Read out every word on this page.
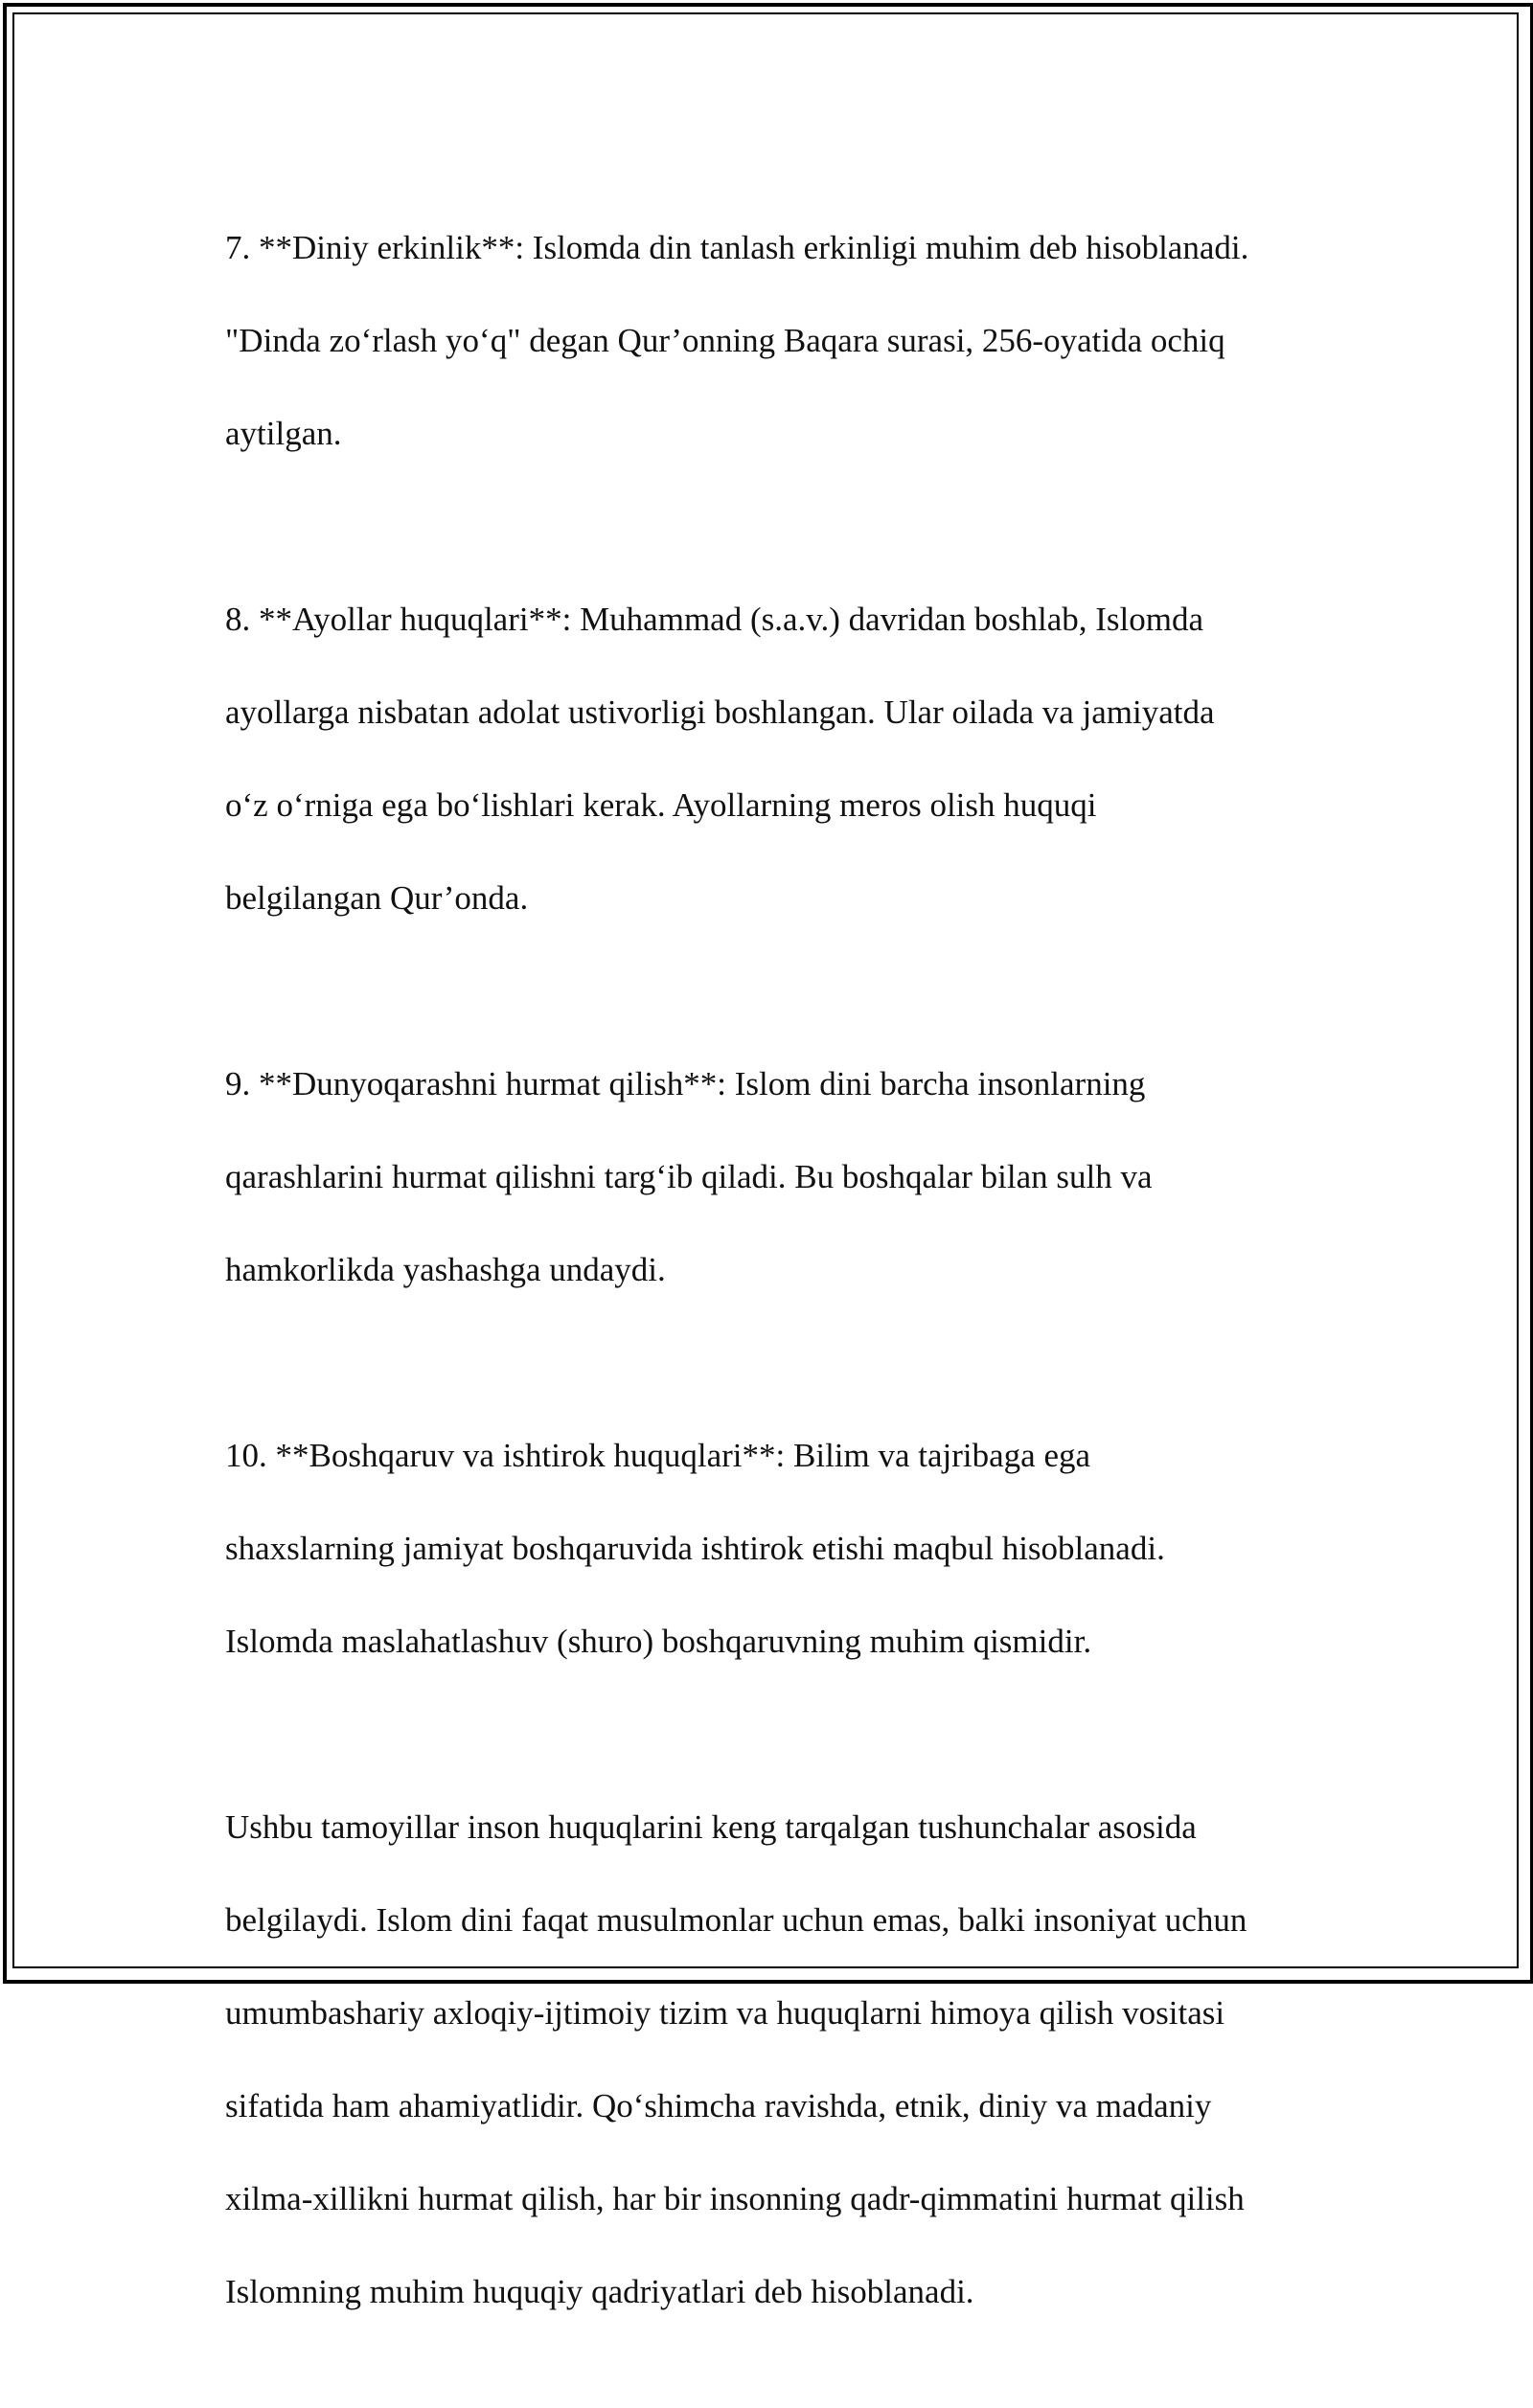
7. **Diniy erkinlik**: Islomda din tanlash erkinligi muhim deb hisoblanadi.

"Dinda zo‘rlash yo‘q" degan Qur’onning Baqara surasi, 256-oyatida ochiq

aytilgan.

8. **Ayollar huquqlari**: Muhammad (s.a.v.) davridan boshlab, Islomda

ayollarga nisbatan adolat ustivorligi boshlangan. Ular oilada va jamiyatda

o‘z o‘rniga ega bo‘lishlari kerak. Ayollarning meros olish huquqi

belgilangan Qur’onda.

9. **Dunyoqarashni hurmat qilish**: Islom dini barcha insonlarning

qarashlarini hurmat qilishni targ‘ib qiladi. Bu boshqalar bilan sulh va

hamkorlikda yashashga undaydi.

10. **Boshqaruv va ishtirok huquqlari**: Bilim va tajribaga ega

shaxslarning jamiyat boshqaruvida ishtirok etishi maqbul hisoblanadi.

Islomda maslahatlashuv (shuro) boshqaruvning muhim qismidir.

Ushbu tamoyillar inson huquqlarini keng tarqalgan tushunchalar asosida

belgilaydi. Islom dini faqat musulmonlar uchun emas, balki insoniyat uchun

umumbashariy axloqiy-ijtimoiy tizim va huquqlarni himoya qilish vositasi

sifatida ham ahamiyatlidir. Qo‘shimcha ravishda, etnik, diniy va madaniy

xilma-xillikni hurmat qilish, har bir insonning qadr-qimmatini hurmat qilish

Islomning muhim huquqiy qadriyatlari deb hisoblanadi.
